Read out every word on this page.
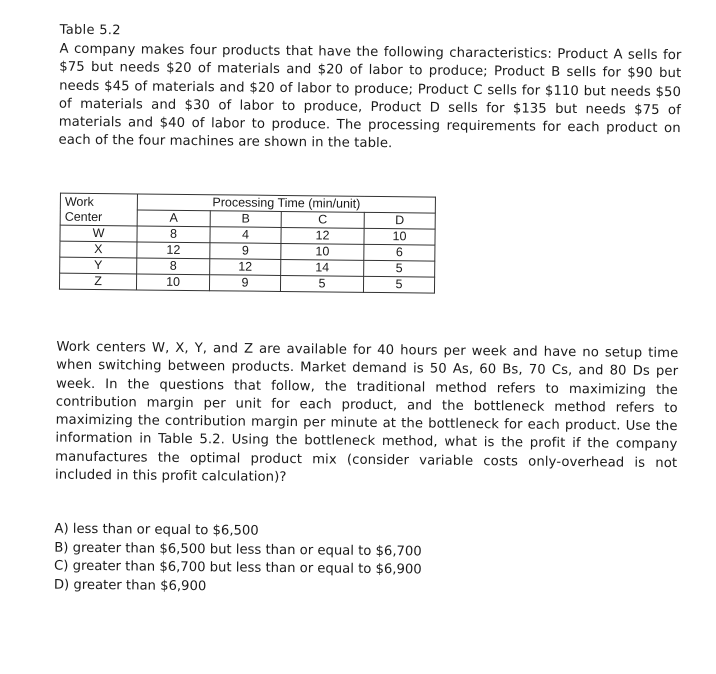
Table 5.2

A company makes four products that have the following characteristics: Product A sells for $75 but needs $20 of materials and $20 of labor to produce; Product B sells for $90 but needs $45 of materials and $20 of labor to produce; Product C sells for $110 but needs $50 of materials and $30 of labor to produce, Product D sells for $135 but needs $75 of materials and $40 of labor to produce. The processing requirements for each product on each of the four machines are shown in the table.

Work Center	Processing Time (min/unit)			
	A	B	C	D
W	8	4	12	10
X	12	9	10	6
Y	8	12	14	5
Z	10	9	5	5

Work centers W, X, Y, and Z are available for 40 hours per week and have no setup time when switching between products. Market demand is 50 As, 60 Bs, 70 Cs, and 80 Ds per week. In the questions that follow, the traditional method refers to maximizing the contribution margin per unit for each product, and the bottleneck method refers to maximizing the contribution margin per minute at the bottleneck for each product. Use the information in Table 5.2. Using the bottleneck method, what is the profit if the company manufactures the optimal product mix (consider variable costs only-overhead is not included in this profit calculation)?

A) less than or equal to $6,500
B) greater than $6,500 but less than or equal to $6,700
C) greater than $6,700 but less than or equal to $6,900
D) greater than $6,900
